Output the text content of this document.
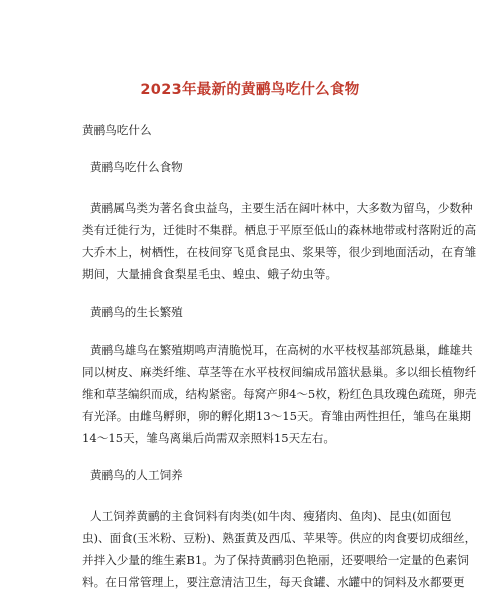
2023年最新的黄鹂鸟吃什么食物
黄鹂鸟吃什么
黄鹂鸟吃什么食物
黄鹂属鸟类为著名食虫益鸟，主要生活在阔叶林中，大多数为留鸟，少数种
类有迁徙行为，迁徙时不集群。栖息于平原至低山的森林地带或村落附近的高
大乔木上，树栖性，在枝间穿飞觅食昆虫、浆果等，很少到地面活动，在育雏
期间，大量捕食食梨星毛虫、蝗虫、蛾子幼虫等。
黄鹂鸟的生长繁殖
黄鹂鸟雄鸟在繁殖期鸣声清脆悦耳，在高树的水平枝杈基部筑悬巢，雌雄共
同以树皮、麻类纤维、草茎等在水平枝杈间编成吊篮状悬巢。多以细长植物纤
维和草茎编织而成，结构紧密。每窝产卵4～5枚，粉红色具玫瑰色疏斑，卵壳
有光泽。由雌鸟孵卵，卵的孵化期13～15天。育雏由两性担任，雏鸟在巢期
14～15天，雏鸟离巢后尚需双亲照料15天左右。
黄鹂鸟的人工饲养
人工饲养黄鹂的主食饲料有肉类(如牛肉、瘦猪肉、鱼肉)、昆虫(如面包
虫)、面食(玉米粉、豆粉)、熟蛋黄及西瓜、苹果等。供应的肉食要切成细丝，
并拌入少量的维生素B1。为了保持黄鹂羽色艳丽，还要喂给一定量的色素饲
料。在日常管理上，要注意清洁卫生，每天食罐、水罐中的饲料及水都要更
